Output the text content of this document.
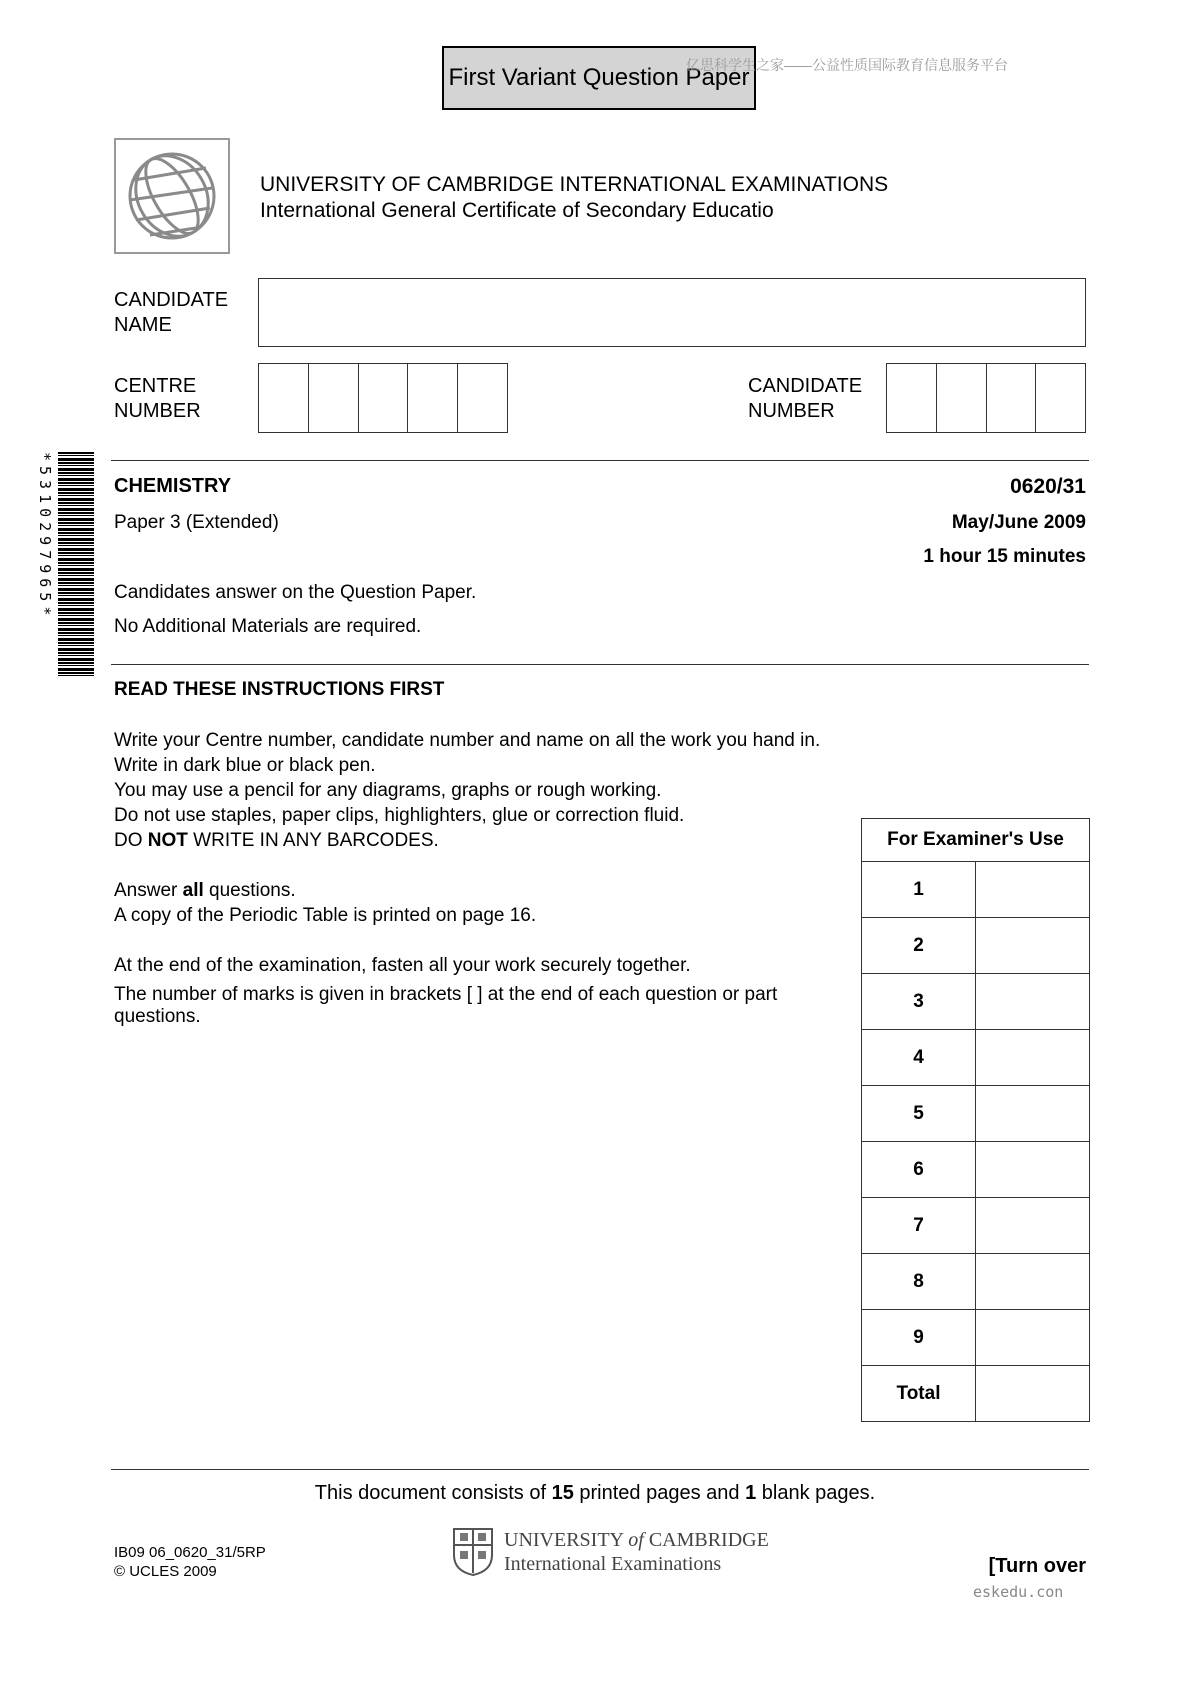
First Variant Question Paper
亿思科学生之家——公益性质国际教育信息服务平台
UNIVERSITY OF CAMBRIDGE INTERNATIONAL EXAMINATIONS
International General Certificate of Secondary Educatio
CANDIDATE
NAME
CENTRE
NUMBER
CANDIDATE
NUMBER
*5310297965*	CHEMISTRY	0620/31
Paper 3 (Extended)	May/June 2009
1 hour 15 minutes
Candidates answer on the Question Paper.
No Additional Materials are required.
READ THESE INSTRUCTIONS FIRST

Write your Centre number, candidate number and name on all the work you hand in.

Write in dark blue or black pen.

You may use a pencil for any diagrams, graphs or rough working.

Do not use staples, paper clips, highlighters, glue or correction fluid.

DO NOT WRITE IN ANY BARCODES.

Answer all questions.

A copy of the Periodic Table is printed on page 16.

At the end of the examination, fasten all your work securely together.

The number of marks is given in brackets [ ] at the end of each question or part

questions.

For Examiner's Use	
1	
2	
3	
4	
5	
6	
7	
8	
9	
Total	
This document consists of 15 printed pages and 1 blank pages.
IB09 06_0620_31/5RP
© UCLES 2009
UNIVERSITY of CAMBRIDGE
International Examinations	[Turn over
eskedu.con
